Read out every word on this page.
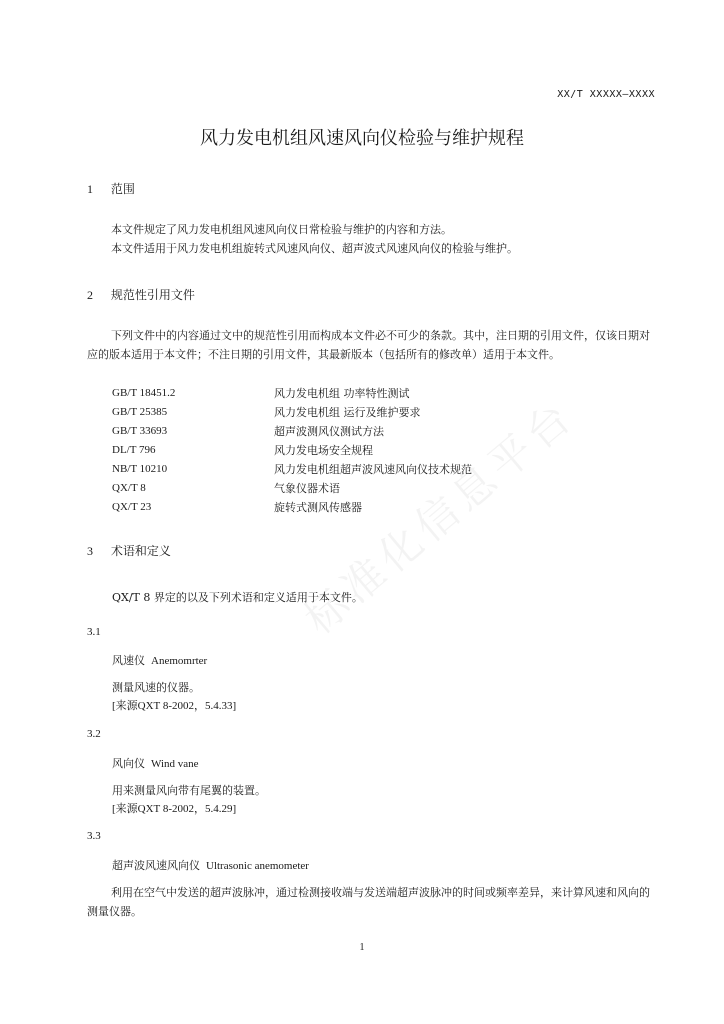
XX/T XXXXX—XXXX
风力发电机组风速风向仪检验与维护规程
1 范围
本文件规定了风力发电机组风速风向仪日常检验与维护的内容和方法。
本文件适用于风力发电机组旋转式风速风向仪、超声波式风速风向仪的检验与维护。
2 规范性引用文件
下列文件中的内容通过文中的规范性引用而构成本文件必不可少的条款。其中，注日期的引用文件，仅该日期对应的版本适用于本文件；不注日期的引用文件，其最新版本（包括所有的修改单）适用于本文件。
GB/T 18451.2	风力发电机组 功率特性测试
GB/T 25385	风力发电机组 运行及维护要求
GB/T 33693	超声波测风仪测试方法
DL/T 796	风力发电场安全规程
NB/T 10210	风力发电机组超声波风速风向仪技术规范
QX/T 8	气象仪器术语
QX/T 23	旋转式测风传感器
3 术语和定义
QX/T 8 界定的以及下列术语和定义适用于本文件。
3.1
风速仪 Anemomrter
测量风速的仪器。
[来源QXT 8-2002，5.4.33]
3.2
风向仪 Wind vane
用来测量风向带有尾翼的装置。
[来源QXT 8-2002，5.4.29]
3.3
超声波风速风向仪 Ultrasonic anemometer
利用在空气中发送的超声波脉冲，通过检测接收端与发送端超声波脉冲的时间或频率差异，来计算风速和风向的测量仪器。
1
